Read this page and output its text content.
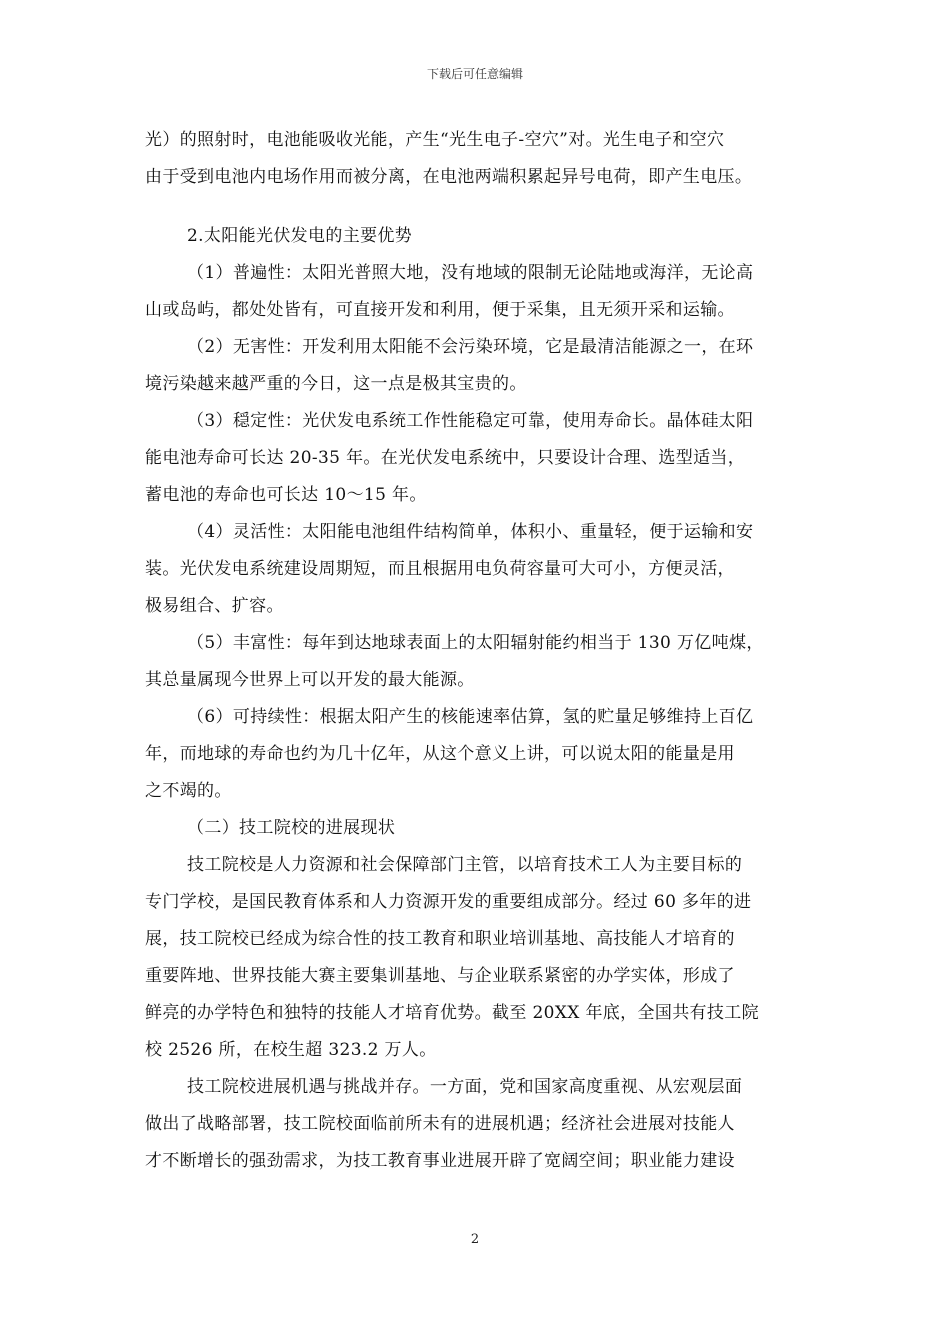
下载后可任意编辑
光）的照射时，电池能吸收光能，产生“光生电子-空穴”对。光生电子和空穴
由于受到电池内电场作用而被分离，在电池两端积累起异号电荷，即产生电压。
2.太阳能光伏发电的主要优势
（1）普遍性：太阳光普照大地，没有地域的限制无论陆地或海洋，无论高
山或岛屿，都处处皆有，可直接开发和利用，便于采集，且无须开采和运输。
（2）无害性：开发利用太阳能不会污染环境，它是最清洁能源之一，在环
境污染越来越严重的今日，这一点是极其宝贵的。
（3）穏定性：光伏发电系统工作性能稳定可靠，使用寿命长。晶体硅太阳
能电池寿命可长达 20-35 年。在光伏发电系统中，只要设计合理、选型适当，
蓄电池的寿命也可长达 10～15 年。
（4）灵活性：太阳能电池组件结构简单，体积小、重量轻，便于运输和安
装。光伏发电系统建设周期短，而且根据用电负荷容量可大可小，方便灵活，
极易组合、扩容。
（5）丰富性：每年到达地球表面上的太阳辐射能约相当于 130 万亿吨煤，
其总量属现今世界上可以开发的最大能源。
（6）可持续性：根据太阳产生的核能速率估算，氢的贮量足够维持上百亿
年，而地球的寿命也约为几十亿年，从这个意义上讲，可以说太阳的能量是用
之不竭的。
（二）技工院校的进展现状
技工院校是人力资源和社会保障部门主管，以培育技术工人为主要目标的
专门学校，是国民教育体系和人力资源开发的重要组成部分。经过 60 多年的进
展，技工院校已经成为综合性的技工教育和职业培训基地、高技能人才培育的
重要阵地、世界技能大赛主要集训基地、与企业联系紧密的办学实体，形成了
鲜亮的办学特色和独特的技能人才培育优势。截至 20XX 年底，全国共有技工院
校 2526 所，在校生超 323.2 万人。
技工院校进展机遇与挑战并存。一方面，党和国家高度重视、从宏观层面
做出了战略部署，技工院校面临前所未有的进展机遇；经济社会进展对技能人
才不断增长的强劲需求，为技工教育事业进展开辟了宽阔空间；职业能力建设
2
